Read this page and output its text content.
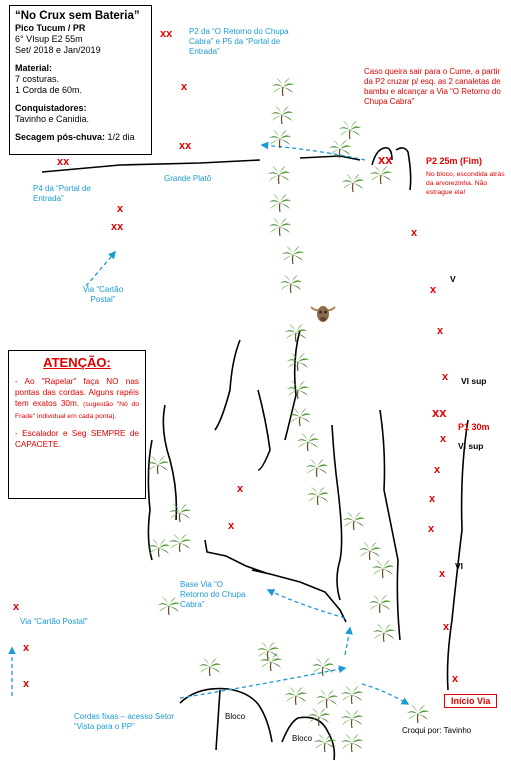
“No Crux sem Bateria”
Pico Tucum / PR
6° VIsup E2 55m
Set/ 2018 e Jan/2019
Material:
7 costuras.
1 Corda de 60m.
Conquistadores:
Tavinho e Canidia.
Secagem pós-chuva: 1/2 dia
ATENÇÃO:
- Ao "Rapelar" faça NO nas pontas das cordas. Alguns rapéis tem exatos 30m. (sugestão "Nó do Frade" individual em cada ponta).
- Escalador e Seg SEMPRE de CAPACETE.
P2 da “O Retorno do Chupa Cabra” e P5 da “Portal de Entrada”
Grande Platô
P4 da “Portal de Entrada”
Via “Cartão Postal”
Base Via “O Retorno do Chupa Cabra”
Via “Cartão Postal”
Cordas fixas – acesso Setor “Vista para o PP”
Caso queira sair para o Cume, a partir da P2 cruzar p/ esq. as 2 canaletas de bambu e alcançar a Via “O Retorno do Chupa Cabra”
P2 25m (Fim)
No bloco, escondida atrás da arvorezinha. Não estrague ela!
P1 30m
Início Via
Bloco
Bloco
Croqui por: Tavinho
V
VI sup
VI sup
VI
xx
x
xx
xx	xx
x
xx	x
x
x
x
xx
x
x
x
x
x	x
x
x
x
x
x
x
